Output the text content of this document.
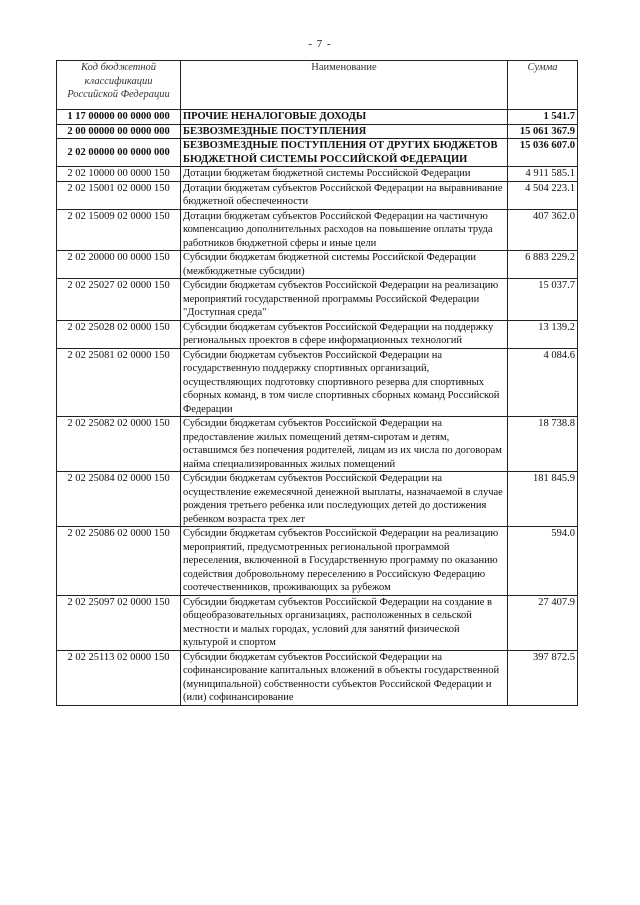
- 7 -
Код бюджетной классификации Российской Федерации	Наименование	Сумма
1 17 00000 00 0000 000	ПРОЧИЕ НЕНАЛОГОВЫЕ ДОХОДЫ	1 541.7
2 00 00000 00 0000 000	БЕЗВОЗМЕЗДНЫЕ ПОСТУПЛЕНИЯ	15 061 367.9
2 02 00000 00 0000 000	БЕЗВОЗМЕЗДНЫЕ ПОСТУПЛЕНИЯ ОТ ДРУГИХ БЮДЖЕТОВ БЮДЖЕТНОЙ СИСТЕМЫ РОССИЙСКОЙ ФЕДЕРАЦИИ	15 036 607.0
2 02 10000 00 0000 150	Дотации бюджетам бюджетной системы Российской Федерации	4 911 585.1
2 02 15001 02 0000 150	Дотации бюджетам субъектов Российской Федерации на выравнивание бюджетной обеспеченности	4 504 223.1
2 02 15009 02 0000 150	Дотации бюджетам субъектов Российской Федерации на частичную компенсацию дополнительных расходов на повышение оплаты труда работников бюджетной сферы и иные цели	407 362.0
2 02 20000 00 0000 150	Субсидии бюджетам бюджетной системы Российской Федерации (межбюджетные субсидии)	6 883 229.2
2 02 25027 02 0000 150	Субсидии бюджетам субъектов Российской Федерации на реализацию мероприятий государственной программы Российской Федерации "Доступная среда"	15 037.7
2 02 25028 02 0000 150	Субсидии бюджетам субъектов Российской Федерации на поддержку региональных проектов в сфере информационных технологий	13 139.2
2 02 25081 02 0000 150	Субсидии бюджетам субъектов Российской Федерации на государственную поддержку спортивных организаций, осуществляющих подготовку спортивного резерва для спортивных сборных команд, в том числе спортивных сборных команд Российской Федерации	4 084.6
2 02 25082 02 0000 150	Субсидии бюджетам субъектов Российской Федерации на предоставление жилых помещений детям-сиротам и детям, оставшимся без попечения родителей, лицам из их числа по договорам найма специализированных жилых помещений	18 738.8
2 02 25084 02 0000 150	Субсидии бюджетам субъектов Российской Федерации на осуществление ежемесячной денежной выплаты, назначаемой в случае рождения третьего ребенка или последующих детей до достижения ребенком возраста трех лет	181 845.9
2 02 25086 02 0000 150	Субсидии бюджетам субъектов Российской Федерации на реализацию мероприятий, предусмотренных региональной программой переселения, включенной в Государственную программу по оказанию содействия добровольному переселению в Российскую Федерацию соотечественников, проживающих за рубежом	594.0
2 02 25097 02 0000 150	Субсидии бюджетам субъектов Российской Федерации на создание в общеобразовательных организациях, расположенных в сельской местности и малых городах, условий для занятий физической культурой и спортом	27 407.9
2 02 25113 02 0000 150	Субсидии бюджетам субъектов Российской Федерации на софинансирование капитальных вложений в объекты государственной (муниципальной) собственности субъектов Российской Федерации и (или) софинансирование	397 872.5
